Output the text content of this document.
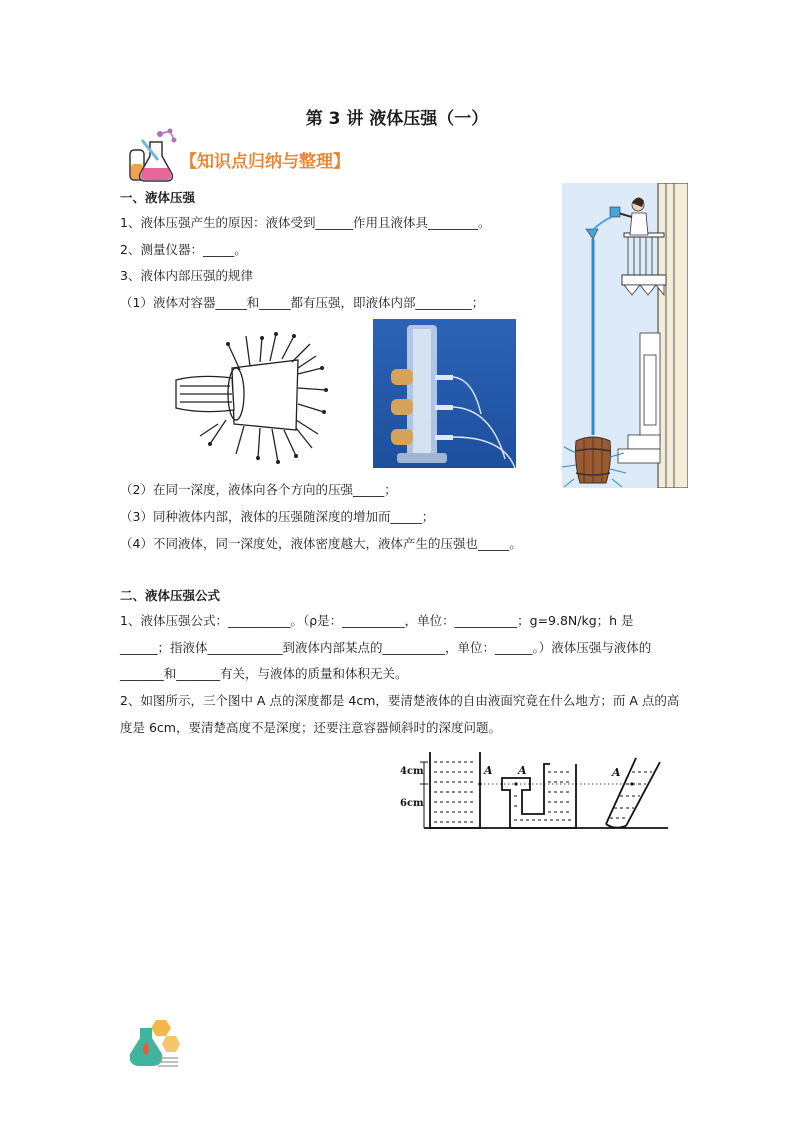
第 3 讲 液体压强（一）
【知识点归纳与整理】
一、液体压强
1、液体压强产生的原因：液体受到______作用且液体具________。
2、测量仪器：_____。
3、液体内部压强的规律
（1）液体对容器_____和_____都有压强，即液体内部_________；
（2）在同一深度，液体向各个方向的压强_____；
（3）同种液体内部，液体的压强随深度的增加而_____；
（4）不同液体，同一深度处，液体密度越大，液体产生的压强也_____。
二、液体压强公式
1、液体压强公式：__________。（ρ是：__________，单位：__________；g=9.8N/kg；h 是______；指液体____________到液体内部某点的__________，单位：______。）液体压强与液体的_______和_______有关，与液体的质量和体积无关。
2、如图所示，三个图中 A 点的深度都是 4cm，要清楚液体的自由液面究竟在什么地方；而 A 点的高度是 6cm，要清楚高度不是深度；还要注意容器倾斜时的深度问题。
4cm
6cm
A A	A
